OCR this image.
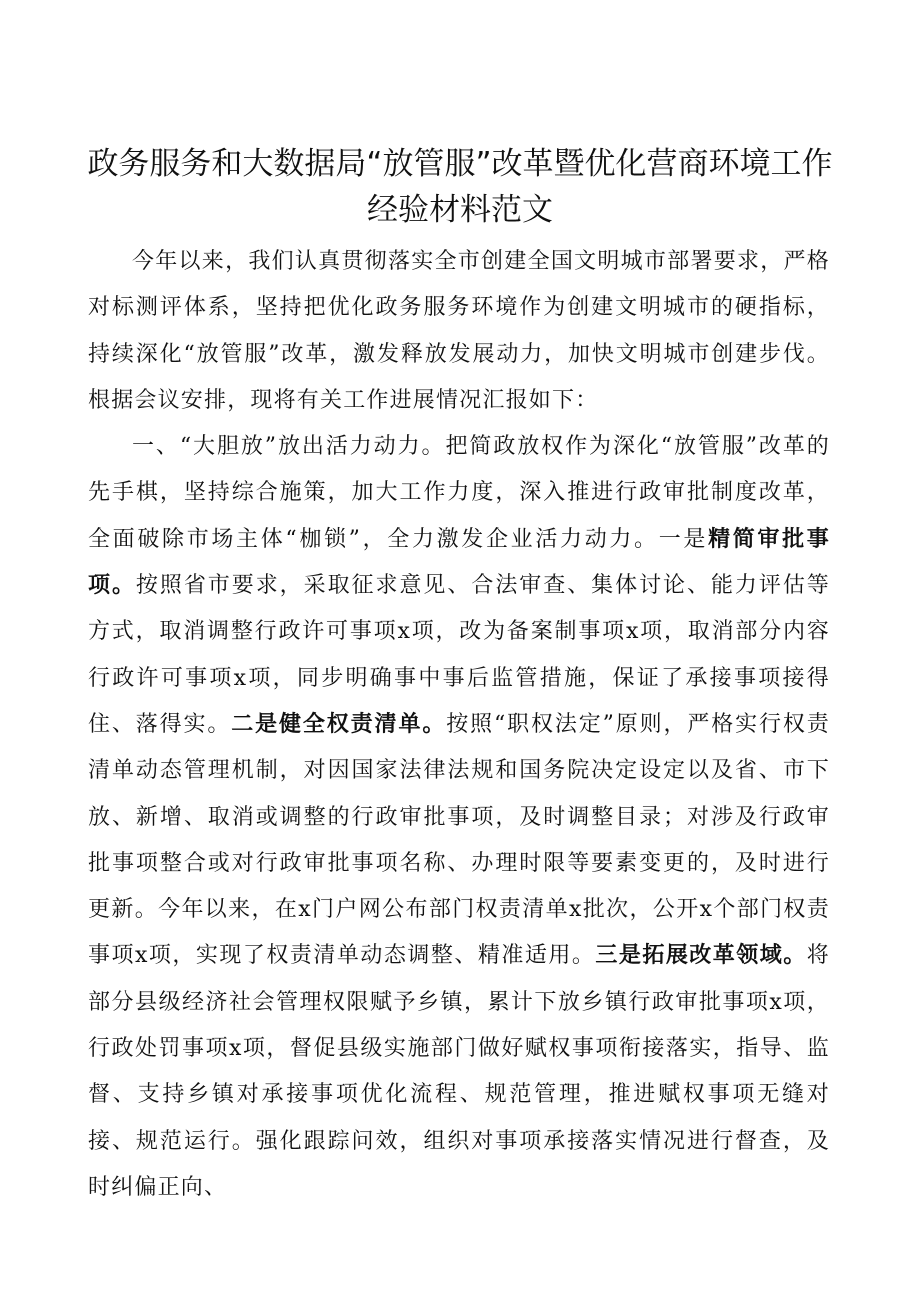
政务服务和大数据局“放管服”改革暨优化营商环境工作经验材料范文

今年以来，我们认真贯彻落实全市创建全国文明城市部署要求，严格对标测评体系，坚持把优化政务服务环境作为创建文明城市的硬指标，持续深化“放管服”改革，激发释放发展动力，加快文明城市创建步伐。根据会议安排，现将有关工作进展情况汇报如下：

一、“大胆放”放出活力动力。把简政放权作为深化“放管服”改革的先手棋，坚持综合施策，加大工作力度，深入推进行政审批制度改革，全面破除市场主体“枷锁”，全力激发企业活力动力。一是精简审批事项。按照省市要求，采取征求意见、合法审查、集体讨论、能力评估等方式，取消调整行政许可事项x项，改为备案制事项x项，取消部分内容行政许可事项x项，同步明确事中事后监管措施，保证了承接事项接得住、落得实。二是健全权责清单。按照“职权法定”原则，严格实行权责清单动态管理机制，对因国家法律法规和国务院决定设定以及省、市下放、新增、取消或调整的行政审批事项，及时调整目录；对涉及行政审批事项整合或对行政审批事项名称、办理时限等要素变更的，及时进行更新。今年以来，在x门户网公布部门权责清单x批次，公开x个部门权责事项x项，实现了权责清单动态调整、精准适用。三是拓展改革领域。将部分县级经济社会管理权限赋予乡镇，累计下放乡镇行政审批事项x项，行政处罚事项x项，督促县级实施部门做好赋权事项衔接落实，指导、监督、支持乡镇对承接事项优化流程、规范管理，推进赋权事项无缝对接、规范运行。强化跟踪问效，组织对事项承接落实情况进行督查，及时纠偏正向、
